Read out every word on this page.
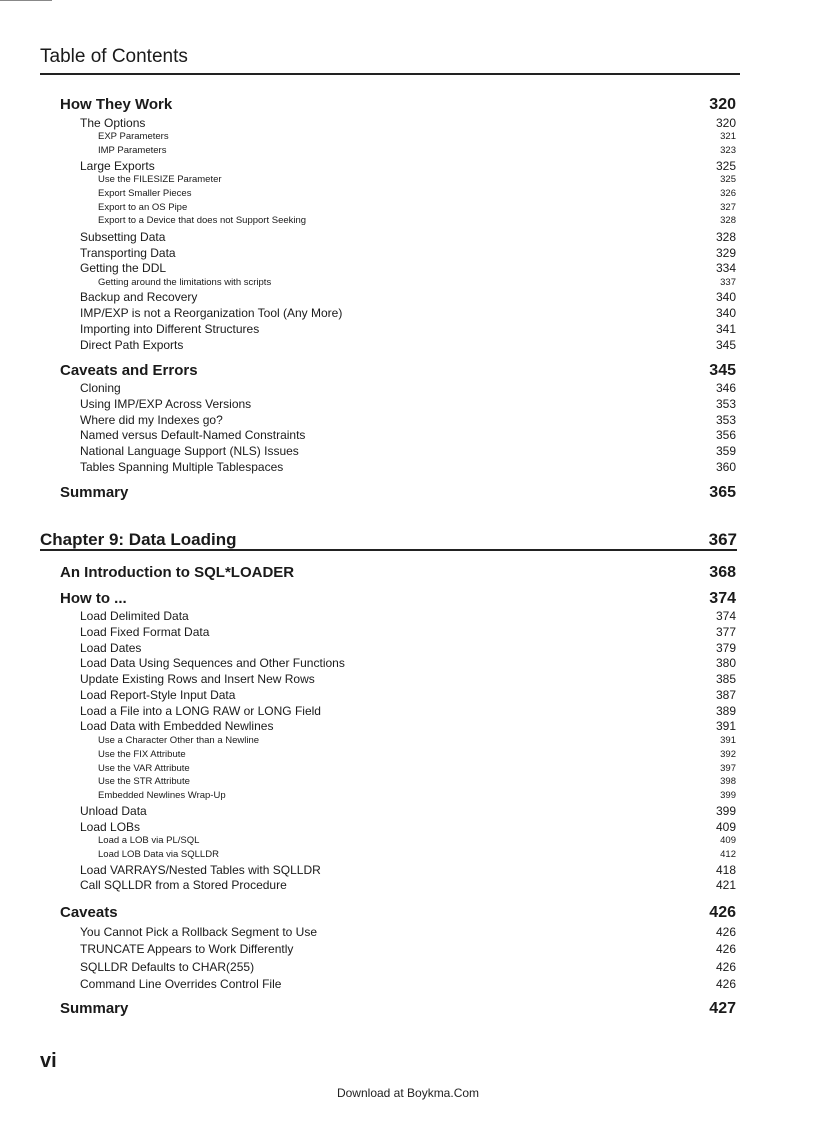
Table of Contents
How They Work	320
The Options	320
EXP Parameters	321
IMP Parameters	323
Large Exports	325
Use the FILESIZE Parameter	325
Export Smaller Pieces	326
Export to an OS Pipe	327
Export to a Device that does not Support Seeking	328
Subsetting Data	328
Transporting Data	329
Getting the DDL	334
Getting around the limitations with scripts	337
Backup and Recovery	340
IMP/EXP is not a Reorganization Tool (Any More)	340
Importing into Different Structures	341
Direct Path Exports	345
Caveats and Errors	345
Cloning	346
Using IMP/EXP Across Versions	353
Where did my Indexes go?	353
Named versus Default-Named Constraints	356
National Language Support (NLS) Issues	359
Tables Spanning Multiple Tablespaces	360
Summary	365
Chapter 9: Data Loading	367
An Introduction to SQL*LOADER	368
How to ...	374
Load Delimited Data	374
Load Fixed Format Data	377
Load Dates	379
Load Data Using Sequences and Other Functions	380
Update Existing Rows and Insert New Rows	385
Load Report-Style Input Data	387
Load a File into a LONG RAW or LONG Field	389
Load Data with Embedded Newlines	391
Use a Character Other than a Newline	391
Use the FIX Attribute	392
Use the VAR Attribute	397
Use the STR Attribute	398
Embedded Newlines Wrap-Up	399
Unload Data	399
Load LOBs	409
Load a LOB via PL/SQL	409
Load LOB Data via SQLLDR	412
Load VARRAYS/Nested Tables with SQLLDR	418
Call SQLLDR from a Stored Procedure	421
Caveats	426
You Cannot Pick a Rollback Segment to Use	426
TRUNCATE Appears to Work Differently	426
SQLLDR Defaults to CHAR(255)	426
Command Line Overrides Control File	426
Summary	427
vi
Download at Boykma.Com
